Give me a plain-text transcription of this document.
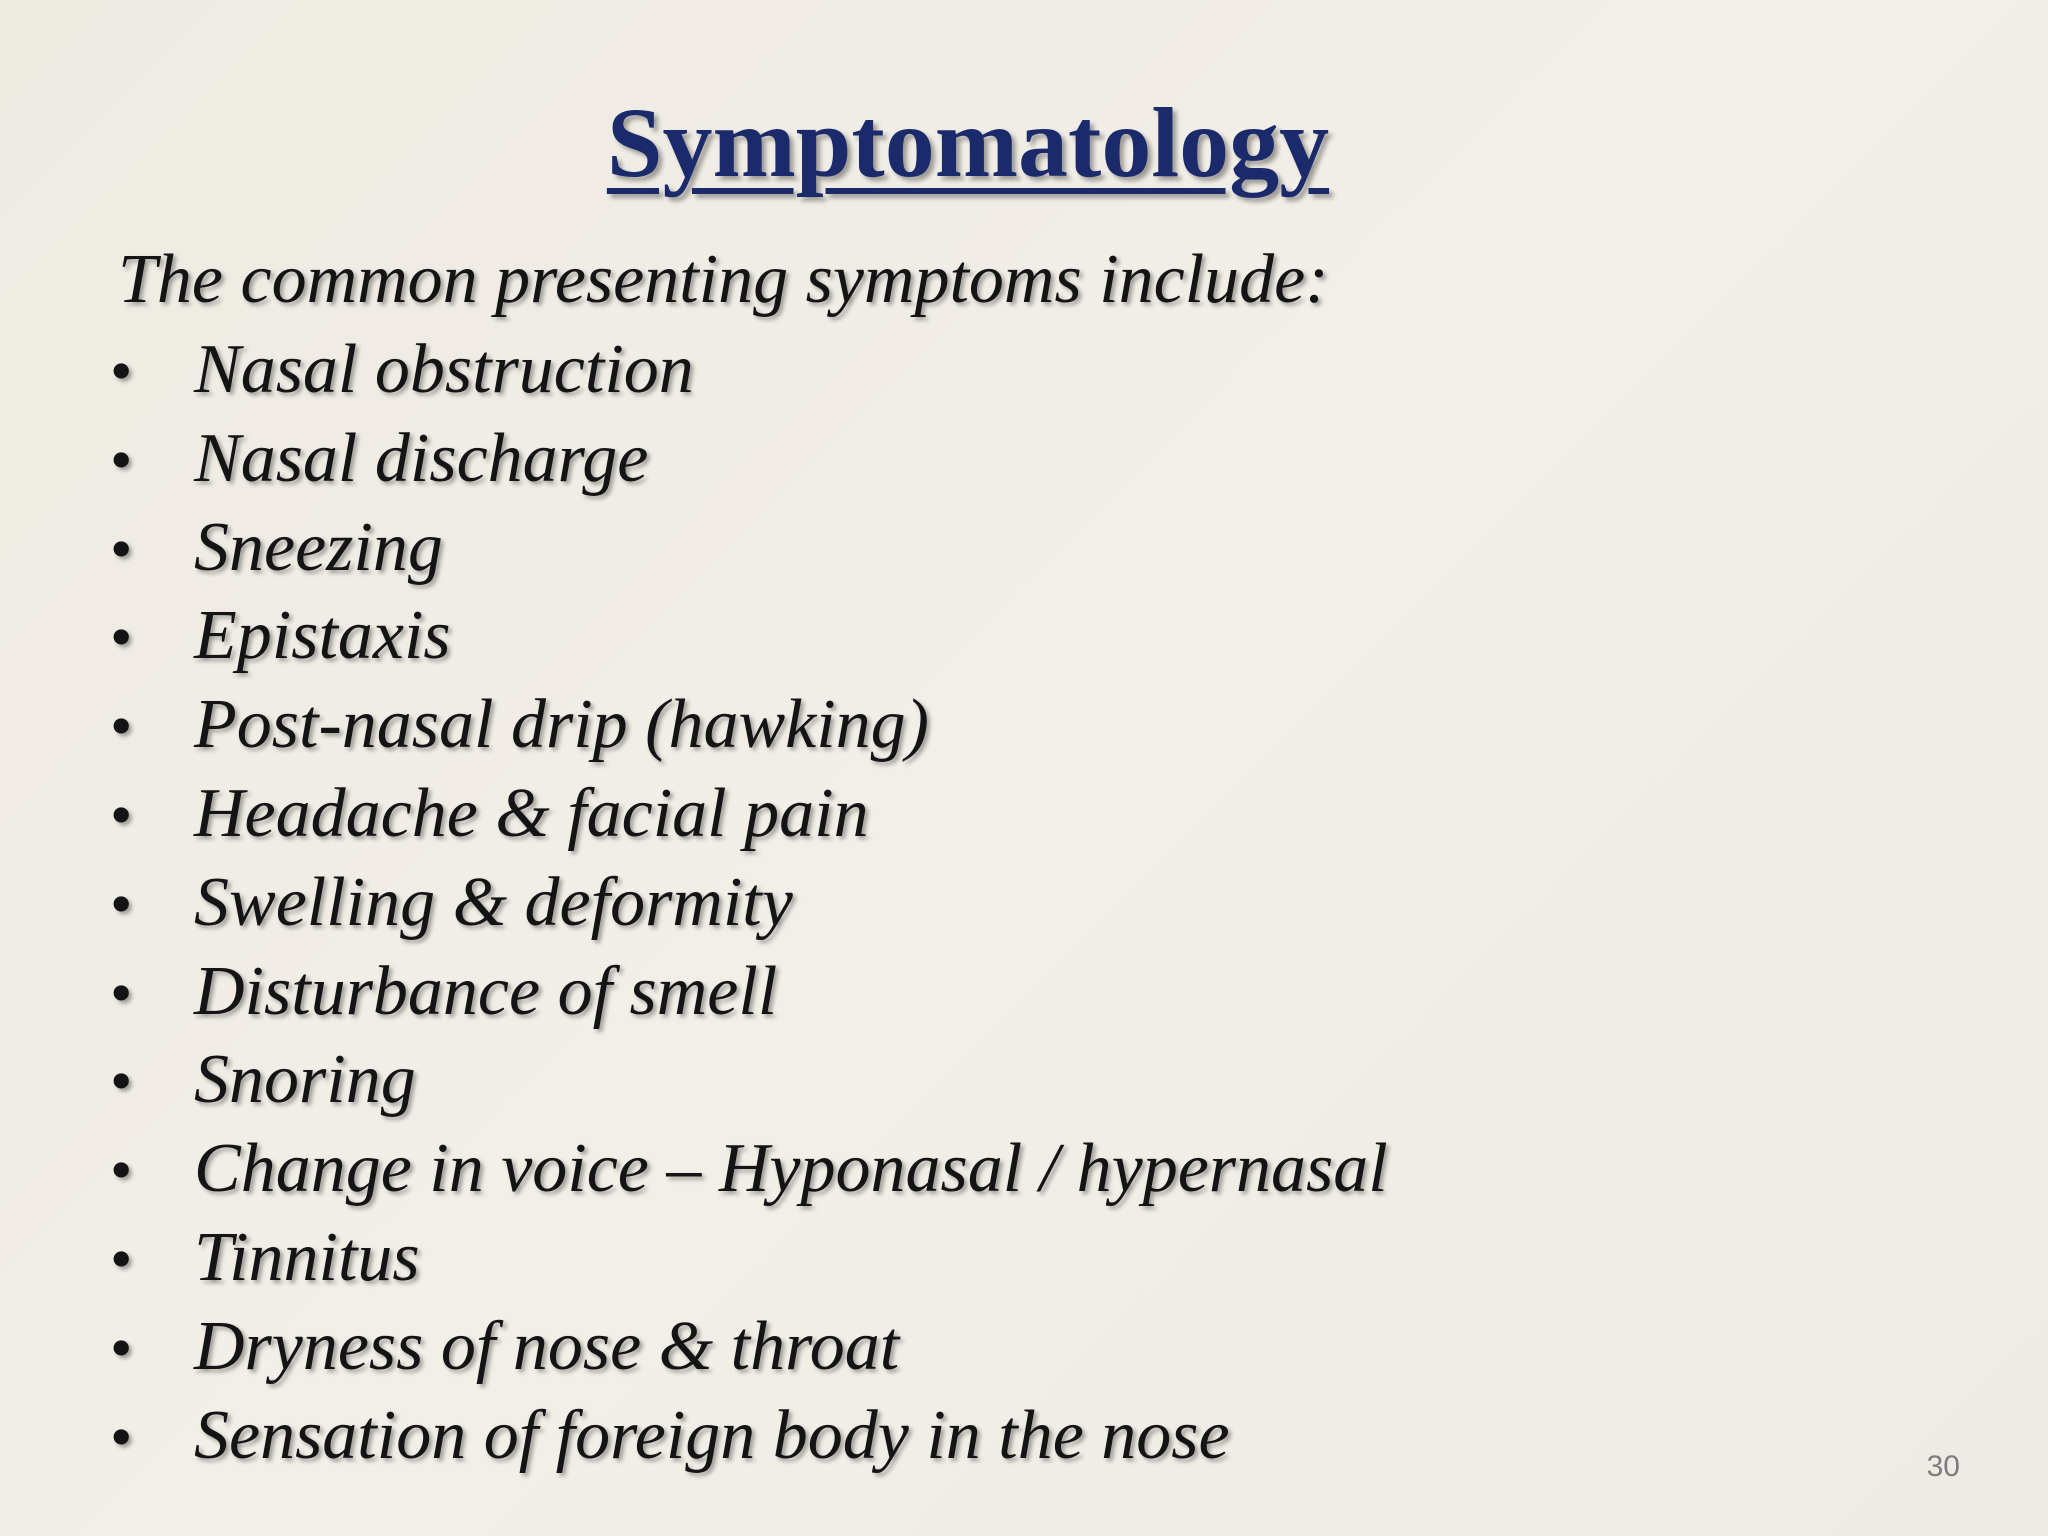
Symptomatology

The common presenting symptoms include:

• Nasal obstruction
• Nasal discharge
• Sneezing
• Epistaxis
• Post-nasal drip (hawking)
• Headache & facial pain
• Swelling & deformity
• Disturbance of smell
• Snoring
• Change in voice – Hyponasal / hypernasal
• Tinnitus
• Dryness of nose & throat
• Sensation of foreign body in the nose	30
